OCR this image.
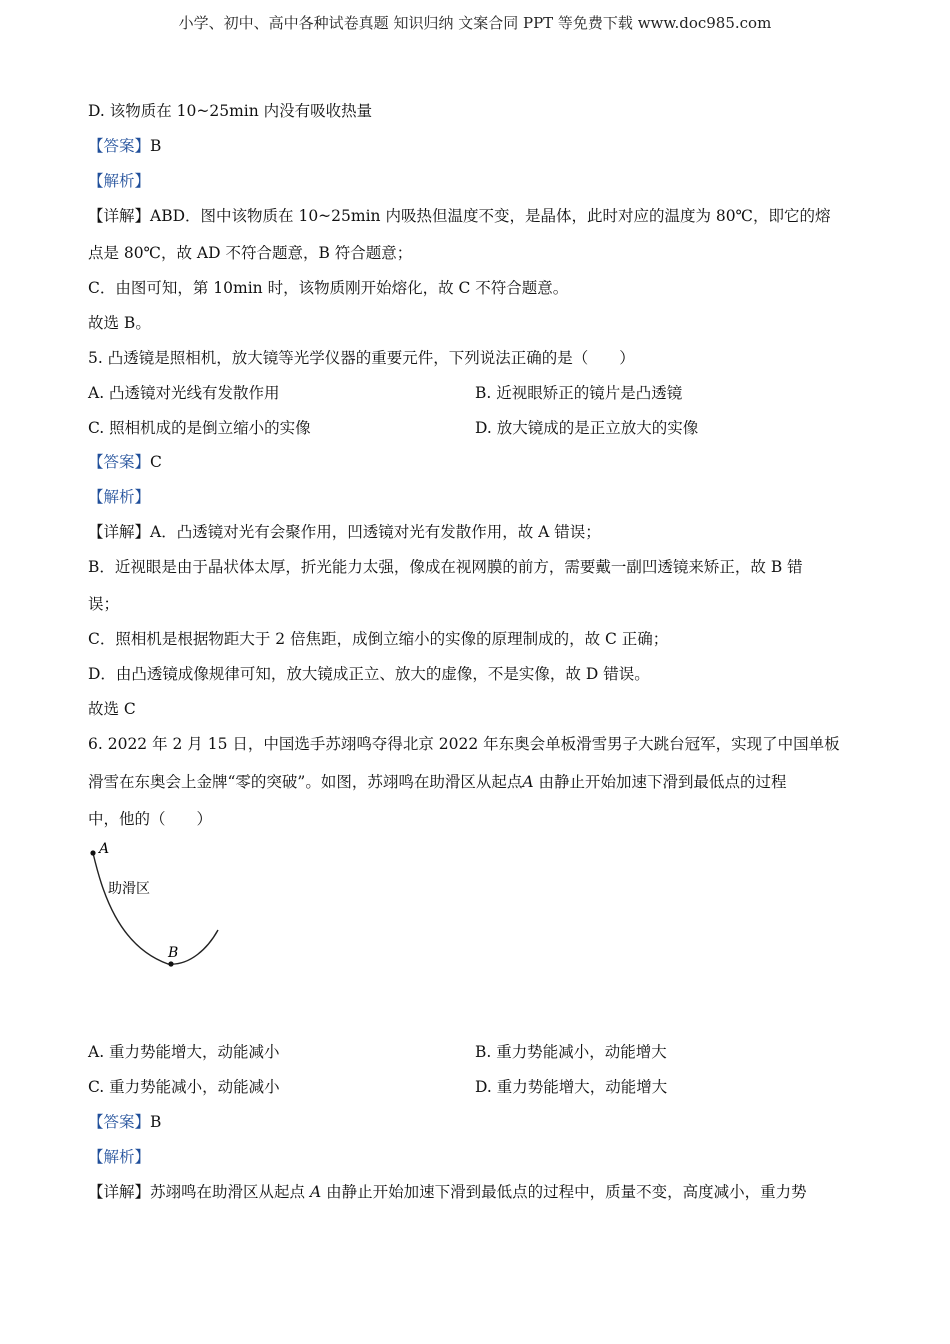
小学、初中、高中各种试卷真题 知识归纳 文案合同 PPT 等免费下载 www.doc985.com
D. 该物质在 10~25min 内没有吸收热量
【答案】B
【解析】
【详解】ABD．图中该物质在 10~25min 内吸热但温度不变，是晶体，此时对应的温度为 80℃，即它的熔
点是 80℃，故 AD 不符合题意，B 符合题意；
C．由图可知，第 10min 时，该物质刚开始熔化，故 C 不符合题意。
故选 B。
5. 凸透镜是照相机，放大镜等光学仪器的重要元件，下列说法正确的是（　　）
A. 凸透镜对光线有发散作用	B. 近视眼矫正的镜片是凸透镜
C. 照相机成的是倒立缩小的实像	D. 放大镜成的是正立放大的实像
【答案】C
【解析】
【详解】A．凸透镜对光有会聚作用，凹透镜对光有发散作用，故 A 错误；
B．近视眼是由于晶状体太厚，折光能力太强，像成在视网膜的前方，需要戴一副凹透镜来矫正，故 B 错
误；
C．照相机是根据物距大于 2 倍焦距，成倒立缩小的实像的原理制成的，故 C 正确；
D．由凸透镜成像规律可知，放大镜成正立、放大的虚像，不是实像，故 D 错误。
故选 C
6. 2022 年 2 月 15 日，中国选手苏翊鸣夺得北京 2022 年东奥会单板滑雪男子大跳台冠军，实现了中国单板
滑雪在东奥会上金牌“零的突破”。如图，苏翊鸣在助滑区从起点A 由静止开始加速下滑到最低点的过程
中，他的（　　）
A
B
助滑区
A. 重力势能增大，动能减小	B. 重力势能减小，动能增大
C. 重力势能减小，动能减小	D. 重力势能增大，动能增大
【答案】B
【解析】
【详解】苏翊鸣在助滑区从起点 A 由静止开始加速下滑到最低点的过程中，质量不变，高度减小，重力势
